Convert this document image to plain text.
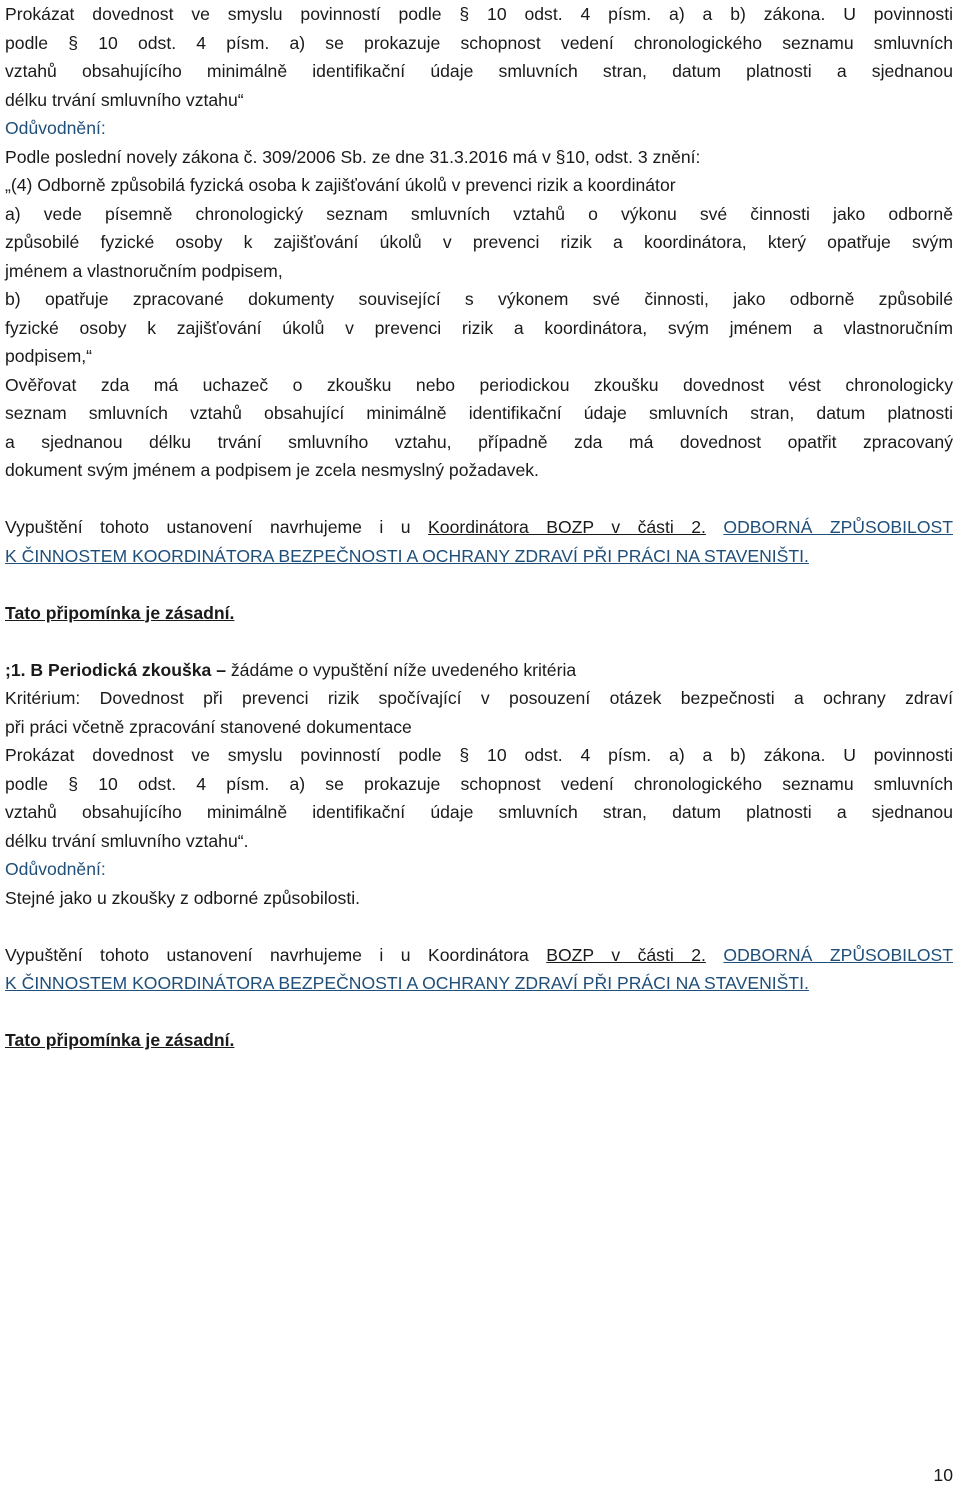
Prokázat dovednost ve smyslu povinností podle § 10 odst. 4 písm. a) a b) zákona. U povinnosti

podle § 10 odst. 4 písm. a) se prokazuje schopnost vedení chronologického seznamu smluvních

vztahů obsahujícího minimálně identifikační údaje smluvních stran, datum platnosti a sjednanou

délku trvání smluvního vztahu“

Odůvodnění:

Podle poslední novely zákona č. 309/2006 Sb. ze dne 31.3.2016 má v §10, odst. 3 znění:

„(4) Odborně způsobilá fyzická osoba k zajišťování úkolů v prevenci rizik a koordinátor

a) vede písemně chronologický seznam smluvních vztahů o výkonu své činnosti jako odborně

způsobilé fyzické osoby k zajišťování úkolů v prevenci rizik a koordinátora, který opatřuje svým

jménem a vlastnoručním podpisem,

b) opatřuje zpracované dokumenty související s výkonem své činnosti, jako odborně způsobilé

fyzické osoby k zajišťování úkolů v prevenci rizik a koordinátora, svým jménem a vlastnoručním

podpisem,“

Ověřovat zda má uchazeč o zkoušku nebo periodickou zkoušku dovednost vést chronologicky

seznam smluvních vztahů obsahující minimálně identifikační údaje smluvních stran, datum platnosti

a sjednanou délku trvání smluvního vztahu, případně zda má dovednost opatřit zpracovaný

dokument svým jménem a podpisem je zcela nesmyslný požadavek.

Vypuštění tohoto ustanovení navrhujeme i u Koordinátora BOZP v části 2. ODBORNÁ ZPŮSOBILOST

K ČINNOSTEM KOORDINÁTORA BEZPEČNOSTI A OCHRANY ZDRAVÍ PŘI PRÁCI NA STAVENIŠTI.

Tato připomínka je zásadní.

;1. B Periodická zkouška – žádáme o vypuštění níže uvedeného kritéria

Kritérium: Dovednost při prevenci rizik spočívající v posouzení otázek bezpečnosti a ochrany zdraví

při práci včetně zpracování stanovené dokumentace

Prokázat dovednost ve smyslu povinností podle § 10 odst. 4 písm. a) a b) zákona. U povinnosti

podle § 10 odst. 4 písm. a) se prokazuje schopnost vedení chronologického seznamu smluvních

vztahů obsahujícího minimálně identifikační údaje smluvních stran, datum platnosti a sjednanou

délku trvání smluvního vztahu“.

Odůvodnění:

Stejné jako u zkoušky z odborné způsobilosti.

Vypuštění tohoto ustanovení navrhujeme i u Koordinátora BOZP v části 2. ODBORNÁ ZPŮSOBILOST

K ČINNOSTEM KOORDINÁTORA BEZPEČNOSTI A OCHRANY ZDRAVÍ PŘI PRÁCI NA STAVENIŠTI.

Tato připomínka je zásadní.

10
